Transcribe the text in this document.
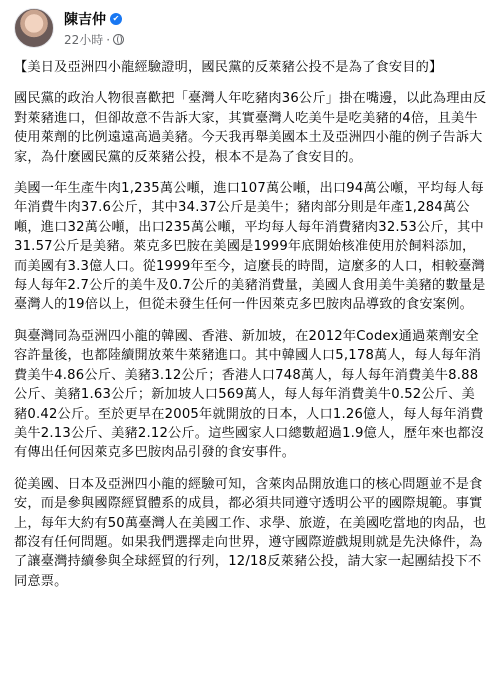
陳吉仲 ✔
22小時 ·

【美日及亞洲四小龍經驗證明，國民黨的反萊豬公投不是為了食安目的】

國民黨的政治人物很喜歡把「臺灣人年吃豬肉36公斤」掛在嘴邊，以此為理由反對萊豬進口，但卻故意不告訴大家，其實臺灣人吃美牛是吃美豬的4倍，且美牛使用萊劑的比例遠遠高過美豬。今天我再舉美國本土及亞洲四小龍的例子告訴大家，為什麼國民黨的反萊豬公投，根本不是為了食安目的。

美國一年生產牛肉1,235萬公噸，進口107萬公噸，出口94萬公噸，平均每人每年消費牛肉37.6公斤，其中34.37公斤是美牛；豬肉部分則是年產1,284萬公噸，進口32萬公噸，出口235萬公噸，平均每人每年消費豬肉32.53公斤，其中31.57公斤是美豬。萊克多巴胺在美國是1999年底開始核准使用於飼料添加，而美國有3.3億人口。從1999年至今，這麼長的時間，這麼多的人口，相較臺灣每人每年2.7公斤的美牛及0.7公斤的美豬消費量，美國人食用美牛美豬的數量是臺灣人的19倍以上，但從未發生任何一件因萊克多巴胺肉品導致的食安案例。

與臺灣同為亞洲四小龍的韓國、香港、新加坡，在2012年Codex通過萊劑安全容許量後，也都陸續開放萊牛萊豬進口。其中韓國人口5,178萬人，每人每年消費美牛4.86公斤、美豬3.12公斤；香港人口748萬人，每人每年消費美牛8.88公斤、美豬1.63公斤；新加坡人口569萬人，每人每年消費美牛0.52公斤、美豬0.42公斤。至於更早在2005年就開放的日本，人口1.26億人，每人每年消費美牛2.13公斤、美豬2.12公斤。這些國家人口總數超過1.9億人，歷年來也都沒有傳出任何因萊克多巴胺肉品引發的食安事件。

從美國、日本及亞洲四小龍的經驗可知，含萊肉品開放進口的核心問題並不是食安，而是參與國際經貿體系的成員，都必須共同遵守透明公平的國際規範。事實上，每年大約有50萬臺灣人在美國工作、求學、旅遊，在美國吃當地的肉品，也都沒有任何問題。如果我們選擇走向世界，遵守國際遊戲規則就是先決條件，為了讓臺灣持續參與全球經貿的行列，12/18反萊豬公投，請大家一起團結投下不同意票。
